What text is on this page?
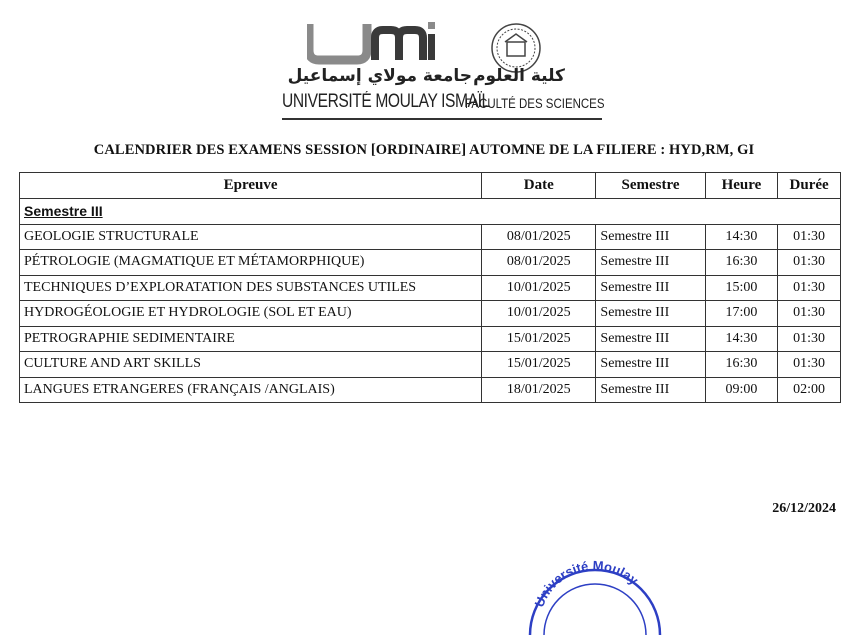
جامعة مولاي إسماعيل كلية العلوم
UNIVERSITÉ MOULAY ISMAÏL
FACULTÉ DES SCIENCES
CALENDRIER DES EXAMENS SESSION [ORDINAIRE] AUTOMNE DE LA FILIERE : HYD,RM, GI
Epreuve	Date	Semestre	Heure	Durée
Semestre III				
GEOLOGIE STRUCTURALE	08/01/2025	Semestre III	14:30	01:30
PÉTROLOGIE (MAGMATIQUE ET MÉTAMORPHIQUE)	08/01/2025	Semestre III	16:30	01:30
TECHNIQUES D’EXPLORATATION DES SUBSTANCES UTILES	10/01/2025	Semestre III	15:00	01:30
HYDROGÉOLOGIE ET HYDROLOGIE (SOL ET EAU)	10/01/2025	Semestre III	17:00	01:30
PETROGRAPHIE SEDIMENTAIRE	15/01/2025	Semestre III	14:30	01:30
CULTURE AND ART SKILLS	15/01/2025	Semestre III	16:30	01:30
LANGUES ETRANGERES (FRANÇAIS /ANGLAIS)	18/01/2025	Semestre III	09:00	02:00
26/12/2024
Université Moulay
